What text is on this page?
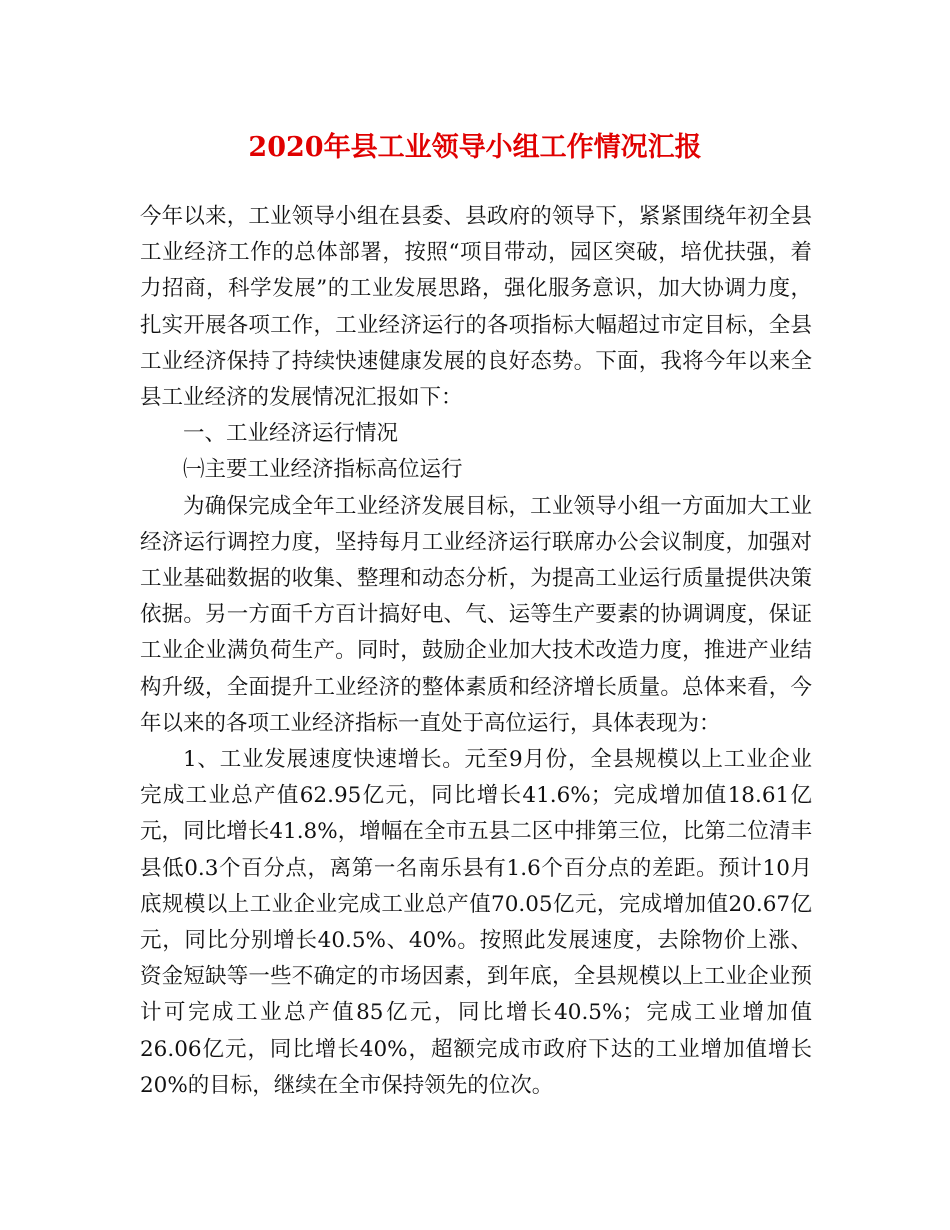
2020年县工业领导小组工作情况汇报

今年以来，工业领导小组在县委、县政府的领导下，紧紧围绕年初全县工业经济工作的总体部署，按照“项目带动，园区突破，培优扶强，着力招商，科学发展”的工业发展思路，强化服务意识，加大协调力度，扎实开展各项工作，工业经济运行的各项指标大幅超过市定目标，全县工业经济保持了持续快速健康发展的良好态势。下面，我将今年以来全县工业经济的发展情况汇报如下：

一、工业经济运行情况

㈠主要工业经济指标高位运行

为确保完成全年工业经济发展目标，工业领导小组一方面加大工业经济运行调控力度，坚持每月工业经济运行联席办公会议制度，加强对工业基础数据的收集、整理和动态分析，为提高工业运行质量提供决策依据。另一方面千方百计搞好电、气、运等生产要素的协调调度，保证工业企业满负荷生产。同时，鼓励企业加大技术改造力度，推进产业结构升级，全面提升工业经济的整体素质和经济增长质量。总体来看，今年以来的各项工业经济指标一直处于高位运行，具体表现为：

1、工业发展速度快速增长。元至9月份，全县规模以上工业企业完成工业总产值62.95亿元，同比增长41.6%；完成增加值18.61亿元，同比增长41.8%，增幅在全市五县二区中排第三位，比第二位清丰县低0.3个百分点，离第一名南乐县有1.6个百分点的差距。预计10月底规模以上工业企业完成工业总产值70.05亿元，完成增加值20.67亿元，同比分别增长40.5%、40%。按照此发展速度，去除物价上涨、资金短缺等一些不确定的市场因素，到年底，全县规模以上工业企业预计可完成工业总产值85亿元，同比增长40.5%；完成工业增加值26.06亿元，同比增长40%，超额完成市政府下达的工业增加值增长20%的目标，继续在全市保持领先的位次。
